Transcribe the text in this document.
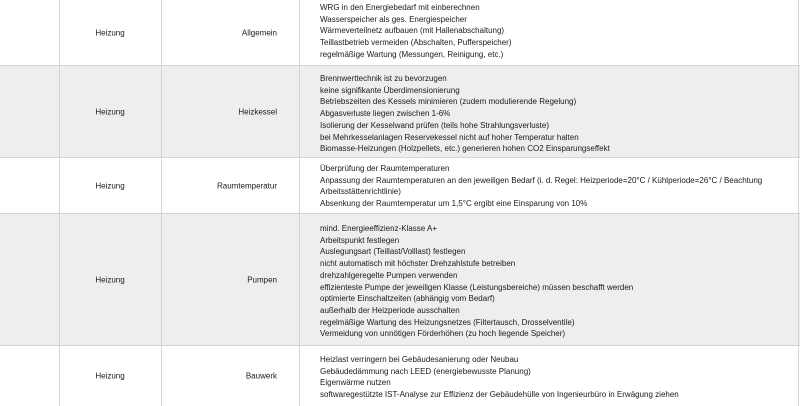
Heizung	Allgemein
WRG in den Energiebedarf mit einberechnen
Wasserspeicher als ges. Energiespeicher
Wärmeverteilnetz aufbauen (mit Hallenabschaltung)
Teillastbetrieb vermeiden (Abschalten, Pufferspeicher)
regelmäßige Wartung (Messungen, Reinigung, etc.)
Heizung	Heizkessel
Brennwerttechnik ist zu bevorzugen
keine signifikante Überdimensionierung
Betriebszeiten des Kessels minimieren (zudem modulierende Regelung)
Abgasverluste liegen zwischen 1-6%
Isolierung der Kesselwand prüfen (teils hohe Strahlungsverluste)
bei Mehrkesselanlagen Reservekessel nicht auf hoher Temperatur halten
Biomasse-Heizungen (Holzpellets, etc.) generieren hohen CO2 Einsparungseffekt
Heizung	Raumtemperatur
Überprüfung der Raumtemperaturen
Anpassung der Raumtemperaturen an den jeweiligen Bedarf (i. d. Regel: Heizperiode=20°C / Kühlperiode=26°C / Beachtung Arbeitsstättenrichtlinie)
Absenkung der Raumtemperatur um 1,5°C ergibt eine Einsparung von 10%
Heizung	Pumpen
mind. Energieeffizienz-Klasse A+
Arbeitspunkt festlegen
Auslegungsart (Teillast/Volllast) festlegen
nicht automatisch mit höchster Drehzahlstufe betreiben
drehzahlgeregelte Pumpen verwenden
effizienteste Pumpe der jeweiligen Klasse (Leistungsbereiche) müssen beschafft werden
optimierte Einschaltzeiten (abhängig vom Bedarf)
außerhalb der Heizperiode ausschalten
regelmäßige Wartung des Heizungsnetzes (Filtertausch, Drosselventile)
Vermeidung von unnötigen Förderhöhen (zu hoch liegende Speicher)
Heizung	Bauwerk
Heizlast verringern bei Gebäudesanierung oder Neubau
Gebäudedämmung nach LEED (energiebewusste Planung)
Eigenwärme nutzen
softwaregestützte IST-Analyse zur Effizienz der Gebäudehülle von Ingenieurbüro in Erwägung ziehen
